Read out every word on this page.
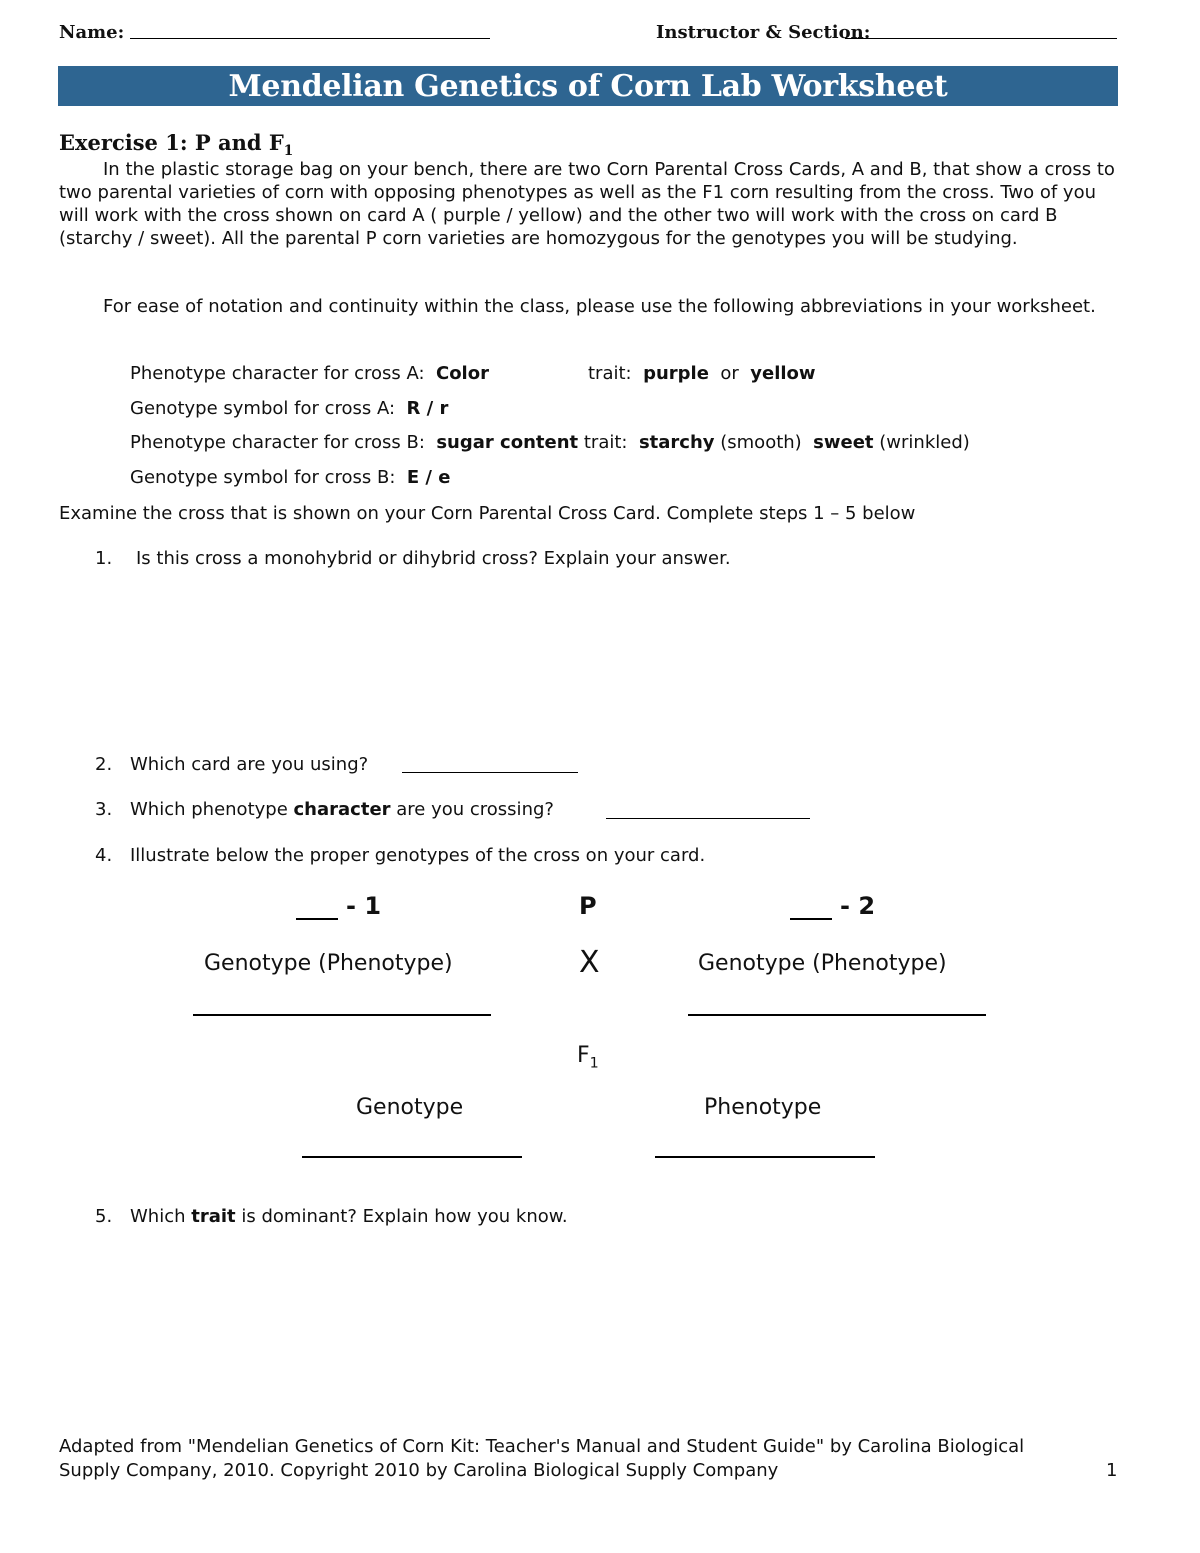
Name:	Instructor & Section:
Mendelian Genetics of Corn Lab Worksheet
Exercise 1: P and $F_1$
In the plastic storage bag on your bench, there are two Corn Parental Cross Cards, A and B, that show a cross to two parental varieties of corn with opposing phenotypes as well as the F1 corn resulting from the cross. Two of you will work with the cross shown on card A ( purple / yellow) and the other two will work with the cross on card B (starchy / sweet). All the parental P corn varieties are homozygous for the genotypes you will be studying.
For ease of notation and continuity within the class, please use the following abbreviations in your worksheet.
Phenotype character for cross A: Color	trait: purple or yellow
Genotype symbol for cross A: R / r
Phenotype character for cross B: sugar content trait: starchy (smooth) sweet (wrinkled)
Genotype symbol for cross B: E / e
Examine the cross that is shown on your Corn Parental Cross Card. Complete steps 1 – 5 below
1. Is this cross a monohybrid or dihybrid cross? Explain your answer.
2. Which card are you using?
3. Which phenotype character are you crossing?
4. Illustrate below the proper genotypes of the cross on your card.
- 1	P	- 2
Genotype (Phenotype)	X	Genotype (Phenotype)
$F_1$
Genotype	Phenotype
5. Which trait is dominant? Explain how you know.
Adapted from "Mendelian Genetics of Corn Kit: Teacher's Manual and Student Guide" by Carolina Biological
Supply Company, 2010. Copyright 2010 by Carolina Biological Supply Company	1
